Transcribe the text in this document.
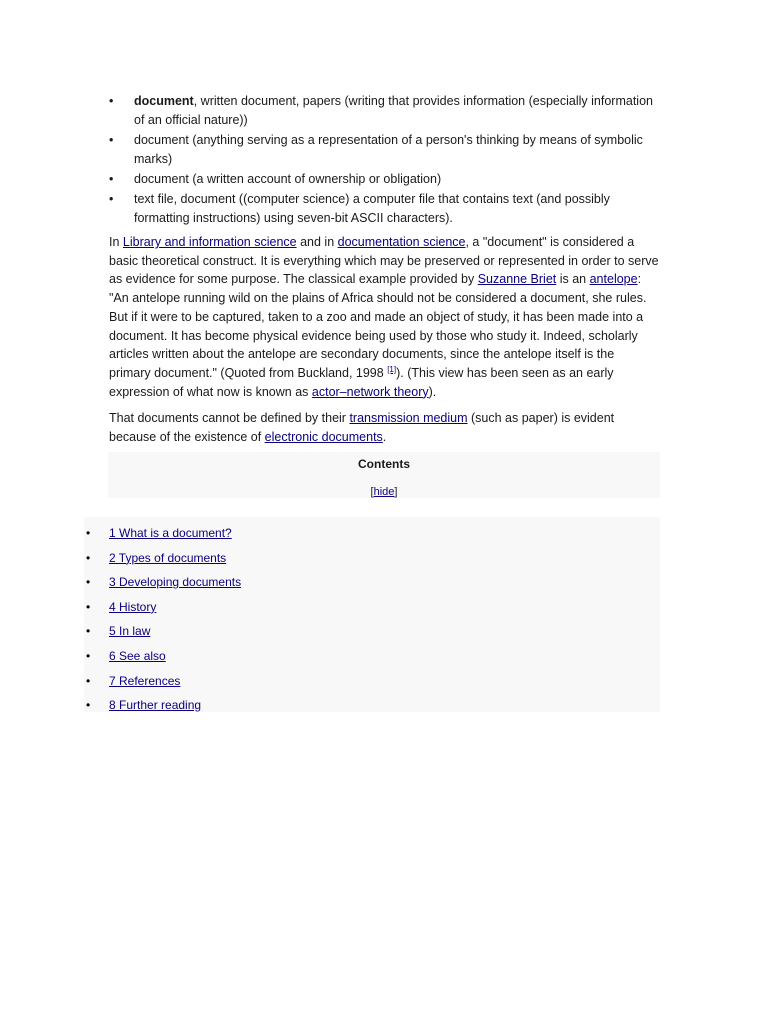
• document, written document, papers (writing that provides information (especially information of an official nature))
• document (anything serving as a representation of a person's thinking by means of symbolic marks)
• document (a written account of ownership or obligation)
• text file, document ((computer science) a computer file that contains text (and possibly formatting instructions) using seven-bit ASCII characters).

In Library and information science and in documentation science, a "document" is considered a basic theoretical construct. It is everything which may be preserved or represented in order to serve as evidence for some purpose. The classical example provided by Suzanne Briet is an antelope: "An antelope running wild on the plains of Africa should not be considered a document, she rules. But if it were to be captured, taken to a zoo and made an object of study, it has been made into a document. It has become physical evidence being used by those who study it. Indeed, scholarly articles written about the antelope are secondary documents, since the antelope itself is the primary document." (Quoted from Buckland, 1998 [1]). (This view has been seen as an early expression of what now is known as actor–network theory).

That documents cannot be defined by their transmission medium (such as paper) is evident because of the existence of electronic documents.

Contents
[hide]
• 1 What is a document?
• 2 Types of documents
• 3 Developing documents
• 4 History
• 5 In law
• 6 See also
• 7 References
• 8 Further reading
